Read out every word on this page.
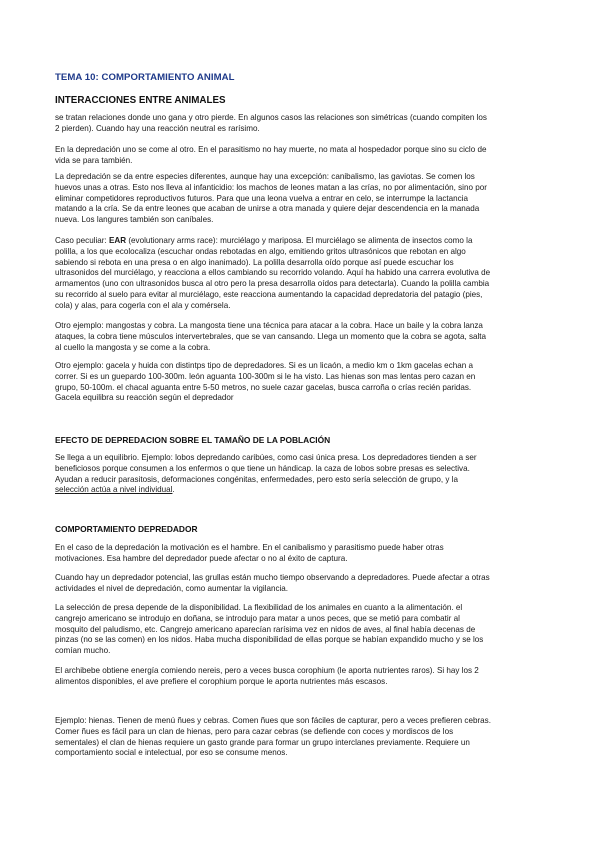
TEMA 10: COMPORTAMIENTO ANIMAL
INTERACCIONES ENTRE ANIMALES
se tratan relaciones donde uno gana y otro pierde. En algunos casos las relaciones son simétricas (cuando compiten los
2 pierden). Cuando hay una reacción neutral es rarísimo.
En la depredación uno se come al otro. En el parasitismo no hay muerte, no mata al hospedador porque sino su ciclo de
vida se para también.
La depredación se da entre especies diferentes, aunque hay una excepción: canibalismo, las gaviotas. Se comen los
huevos unas a otras. Esto nos lleva al infanticidio: los machos de leones matan a las crías, no por alimentación, sino por
eliminar competidores reproductivos futuros. Para que una leona vuelva a entrar en celo, se interrumpe la lactancia
matando a la cría. Se da entre leones que acaban de unirse a otra manada y quiere dejar descendencia en la manada
nueva. Los langures también son caníbales.
Caso peculiar: EAR (evolutionary arms race): murciélago y mariposa. El murciélago se alimenta de insectos como la
polilla, a los que ecolocaliza (escuchar ondas rebotadas en algo, emitiendo gritos ultrasónicos que rebotan en algo
sabiendo si rebota en una presa o en algo inanimado). La polilla desarrolla oído porque así puede escuchar los
ultrasonidos del murciélago, y reacciona a ellos cambiando su recorrido volando. Aquí ha habido una carrera evolutiva de
armamentos (uno con ultrasonidos busca al otro pero la presa desarrolla oídos para detectarla). Cuando la polilla cambia
su recorrido al suelo para evitar al murciélago, este reacciona aumentando la capacidad depredatoria del patagio (pies,
cola) y alas, para cogerla con el ala y comérsela.
Otro ejemplo: mangostas y cobra. La mangosta tiene una técnica para atacar a la cobra. Hace un baile y la cobra lanza
ataques, la cobra tiene músculos intervertebrales, que se van cansando. Llega un momento que la cobra se agota, salta
al cuello la mangosta y se come a la cobra.
Otro ejemplo: gacela y huida con distintps tipo de depredadores. Si es un licaón, a medio km o 1km gacelas echan a
correr. Si es un guepardo 100-300m. león aguanta 100-300m si le ha visto. Las hienas son mas lentas pero cazan en
grupo, 50-100m. el chacal aguanta entre 5-50 metros, no suele cazar gacelas, busca carroña o crías recién paridas.
Gacela equilibra su reacción según el depredador
EFECTO DE DEPREDACION SOBRE EL TAMAÑO DE LA POBLACIÓN
Se llega a un equilibrio. Ejemplo: lobos depredando caribúes, como casi única presa. Los depredadores tienden a ser
beneficiosos porque consumen a los enfermos o que tiene un hándicap. la caza de lobos sobre presas es selectiva.
Ayudan a reducir parasitosis, deformaciones congénitas, enfermedades, pero esto sería selección de grupo, y la
selección actúa a nivel individual.
COMPORTAMIENTO DEPREDADOR
En el caso de la depredación la motivación es el hambre. En el canibalismo y parasitismo puede haber otras
motivaciones. Esa hambre del depredador puede afectar o no al éxito de captura.
Cuando hay un depredador potencial, las grullas están mucho tiempo observando a depredadores. Puede afectar a otras
actividades el nivel de depredación, como aumentar la vigilancia.
La selección de presa depende de la disponibilidad. La flexibilidad de los animales en cuanto a la alimentación. el
cangrejo americano se introdujo en doñana, se introdujo para matar a unos peces, que se metió para combatir al
mosquito del paludismo, etc. Cangrejo americano aparecían rarísima vez en nidos de aves, al final había decenas de
pinzas (no se las comen) en los nidos. Haba mucha disponibilidad de ellas porque se habían expandido mucho y se los
comían mucho.
El archibebe obtiene energía comiendo nereis, pero a veces busca corophium (le aporta nutrientes raros). Si hay los 2
alimentos disponibles, el ave prefiere el corophium porque le aporta nutrientes más escasos.
Ejemplo: hienas. Tienen de menú ñues y cebras. Comen ñues que son fáciles de capturar, pero a veces prefieren cebras.
Comer ñues es fácil para un clan de hienas, pero para cazar cebras (se defiende con coces y mordiscos de los
sementales) el clan de hienas requiere un gasto grande para formar un grupo interclanes previamente. Requiere un
comportamiento social e intelectual, por eso se consume menos.
